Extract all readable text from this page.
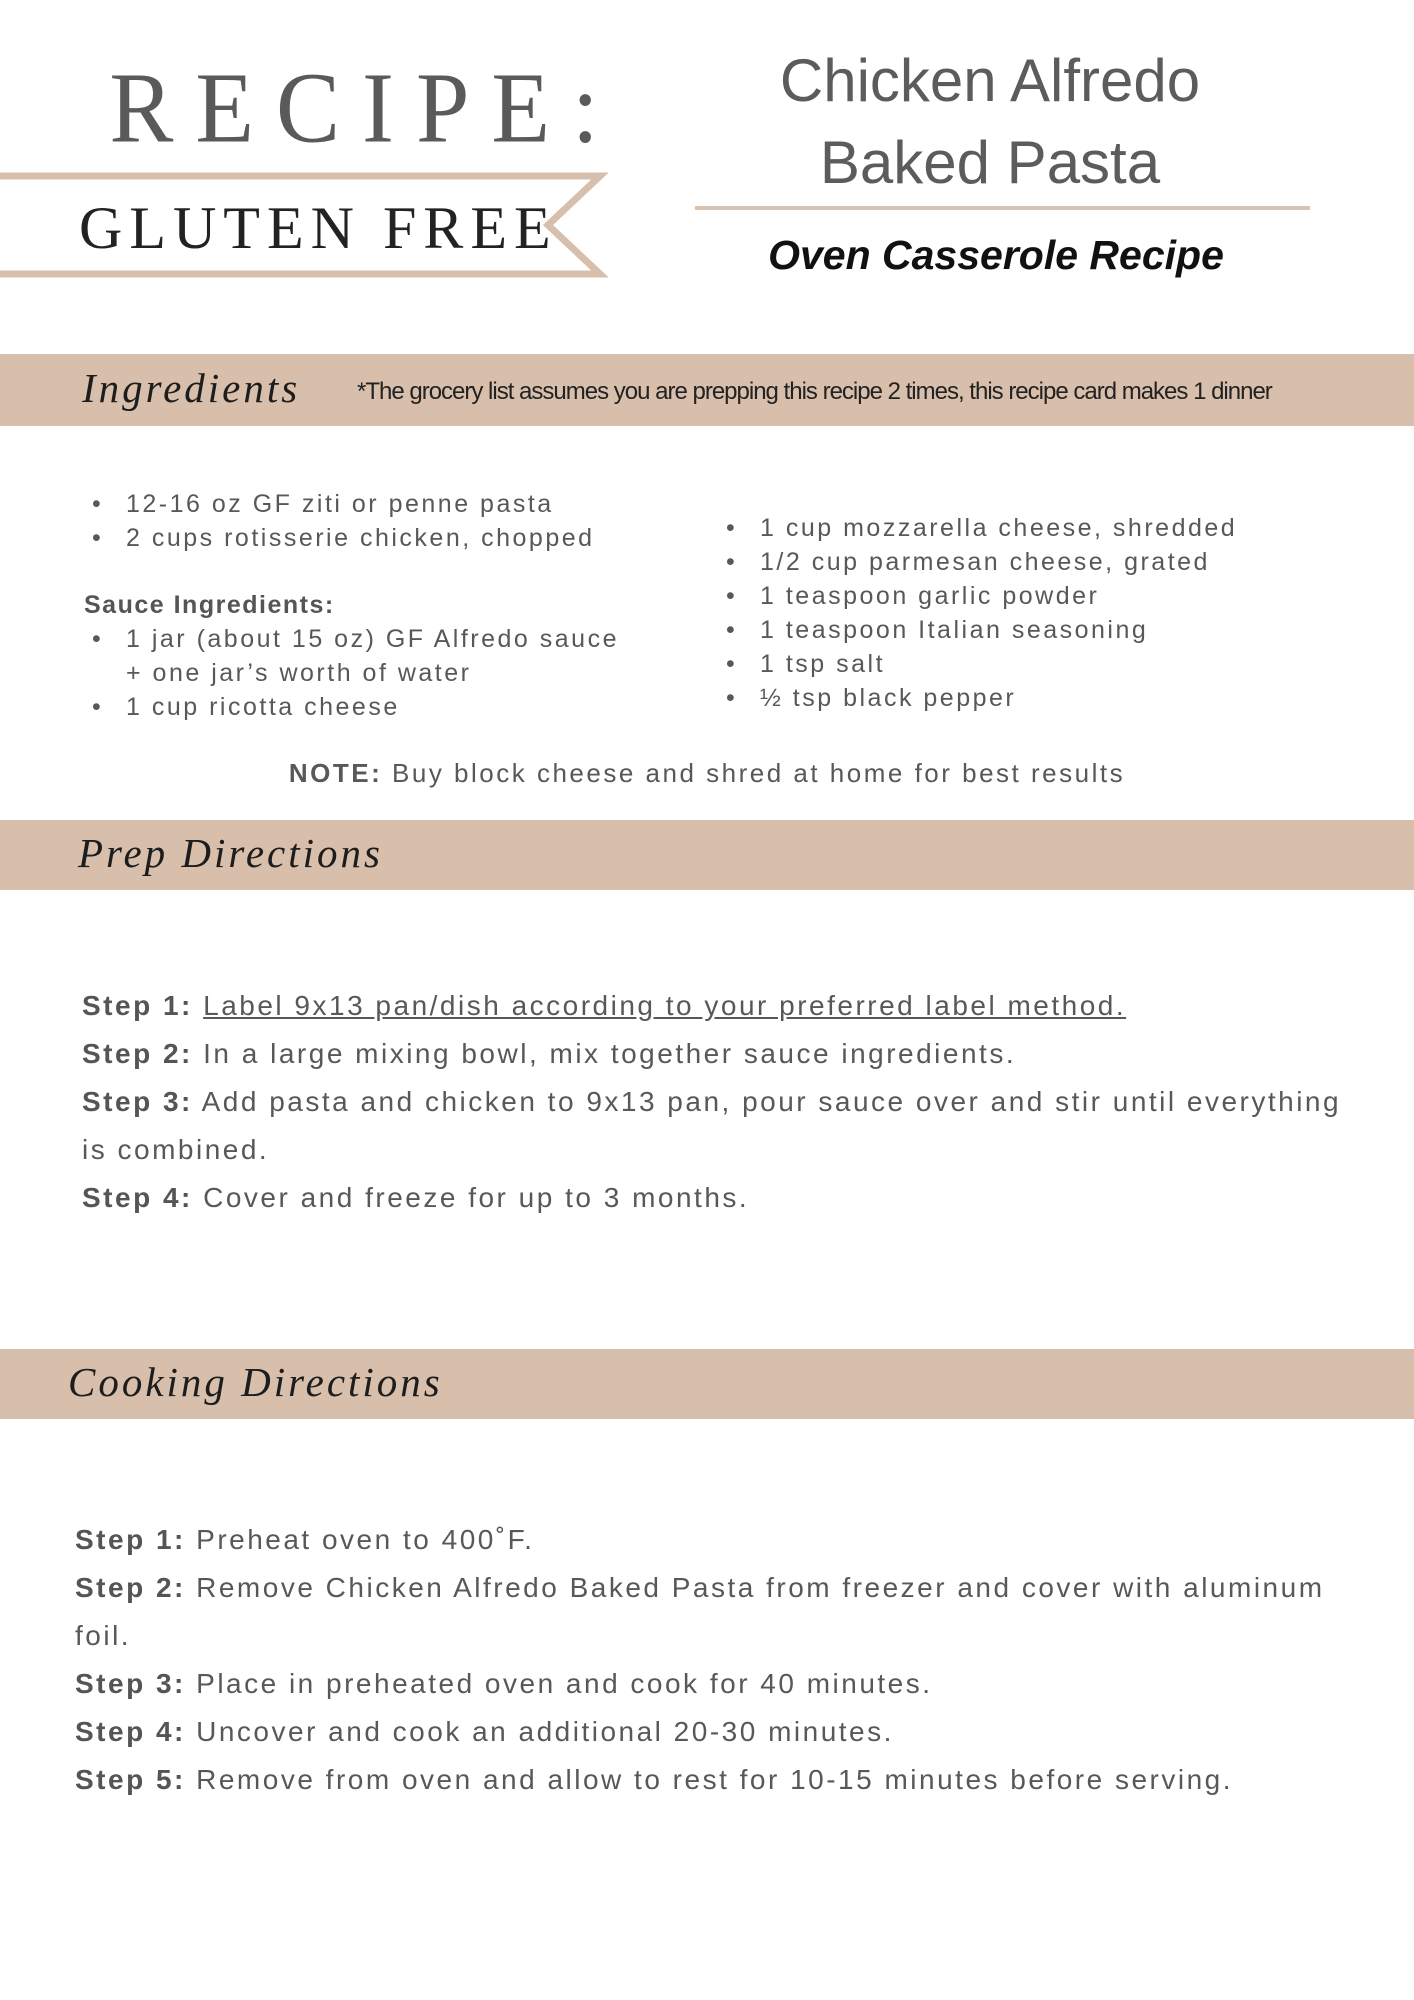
RECIPE:
GLUTEN FREE
Chicken Alfredo
Baked Pasta
Oven Casserole Recipe
Ingredients *The grocery list assumes you are prepping this recipe 2 times, this recipe card makes 1 dinner
• 12-16 oz GF ziti or penne pasta
• 2 cups rotisserie chicken, chopped
Sauce Ingredients:
• 1 jar (about 15 oz) GF Alfredo sauce
+ one jar’s worth of water
• 1 cup ricotta cheese
• 1 cup mozzarella cheese, shredded
• 1/2 cup parmesan cheese, grated
• 1 teaspoon garlic powder
• 1 teaspoon Italian seasoning
• 1 tsp salt
• ½ tsp black pepper
NOTE: Buy block cheese and shred at home for best results
Prep Directions
Step 1: Label 9x13 pan/dish according to your preferred label method.
Step 2: In a large mixing bowl, mix together sauce ingredients.
Step 3: Add pasta and chicken to 9x13 pan, pour sauce over and stir until everything is combined.
Step 4: Cover and freeze for up to 3 months.
Cooking Directions
Step 1: Preheat oven to 400˚F.
Step 2: Remove Chicken Alfredo Baked Pasta from freezer and cover with aluminum foil.
Step 3: Place in preheated oven and cook for 40 minutes.
Step 4: Uncover and cook an additional 20-30 minutes.
Step 5: Remove from oven and allow to rest for 10-15 minutes before serving.
